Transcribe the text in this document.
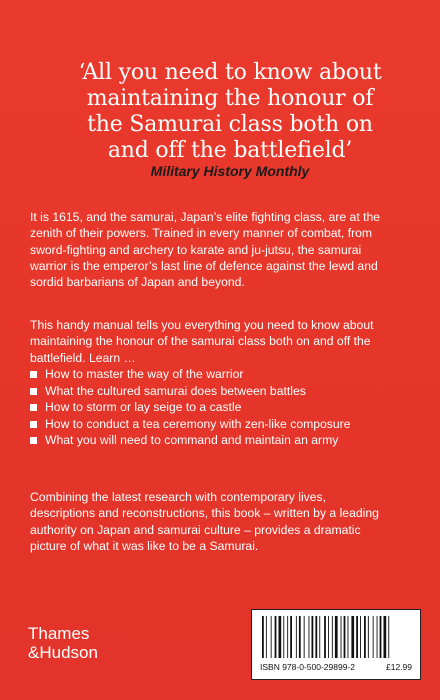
‘All you need to know about
maintaining the honour of
the Samurai class both on
and off the battlefield’
Military History Monthly

It is 1615, and the samurai, Japan’s elite fighting class, are at the zenith of their powers. Trained in every manner of combat, from sword-fighting and archery to karate and ju-jutsu, the samurai warrior is the emperor’s last line of defence against the lewd and sordid barbarians of Japan and beyond.

This handy manual tells you everything you need to know about maintaining the honour of the samurai class both on and off the battlefield. Learn …

How to master the way of the warrior
What the cultured samurai does between battles
How to storm or lay seige to a castle
How to conduct a tea ceremony with zen-like composure
What you will need to command and maintain an army

Combining the latest research with contemporary lives, descriptions and reconstructions, this book – written by a leading authority on Japan and samurai culture – provides a dramatic picture of what it was like to be a Samurai.

Thames
&Hudson
ISBN 978-0-500-29899-2	£12.99
